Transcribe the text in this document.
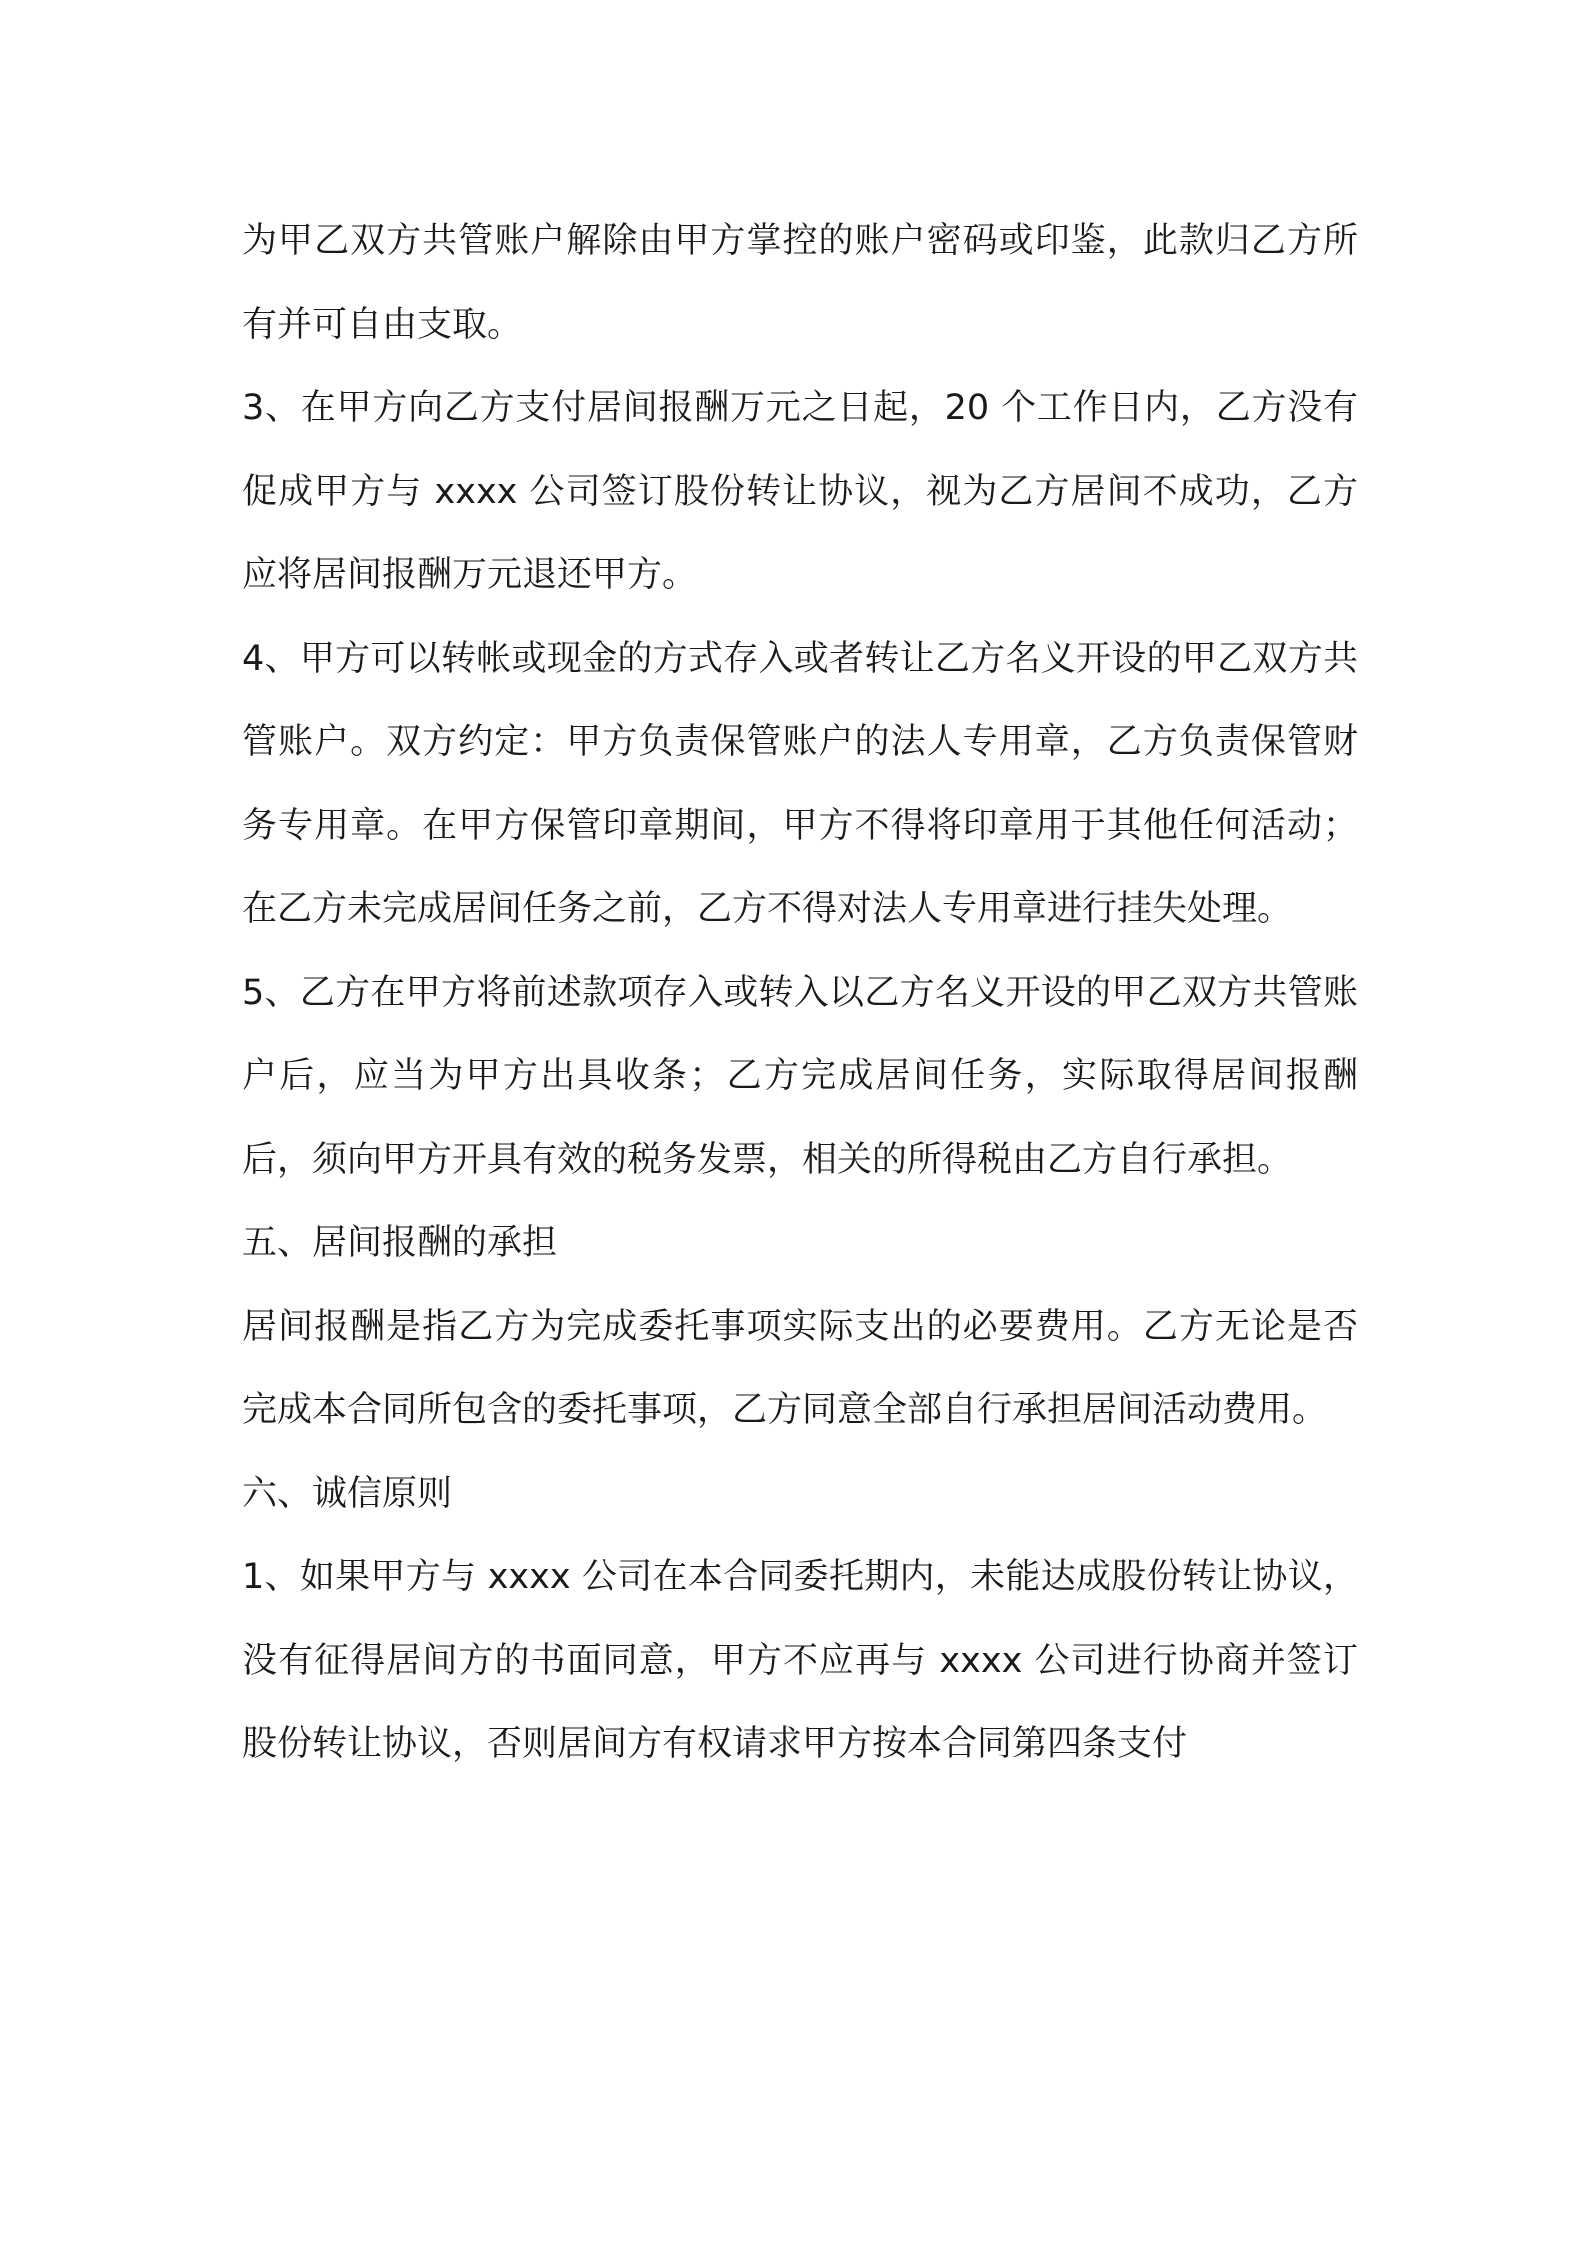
为甲乙双方共管账户解除由甲方掌控的账户密码或印鉴，此款归乙方所有并可自由支取。

3、在甲方向乙方支付居间报酬万元之日起，20 个工作日内，乙方没有促成甲方与 xxxx 公司签订股份转让协议，视为乙方居间不成功，乙方应将居间报酬万元退还甲方。

4、甲方可以转帐或现金的方式存入或者转让乙方名义开设的甲乙双方共管账户。双方约定：甲方负责保管账户的法人专用章，乙方负责保管财务专用章。在甲方保管印章期间，甲方不得将印章用于其他任何活动；在乙方未完成居间任务之前，乙方不得对法人专用章进行挂失处理。

5、乙方在甲方将前述款项存入或转入以乙方名义开设的甲乙双方共管账户后，应当为甲方出具收条；乙方完成居间任务，实际取得居间报酬后，须向甲方开具有效的税务发票，相关的所得税由乙方自行承担。

五、居间报酬的承担

居间报酬是指乙方为完成委托事项实际支出的必要费用。乙方无论是否完成本合同所包含的委托事项，乙方同意全部自行承担居间活动费用。

六、诚信原则

1、如果甲方与 xxxx 公司在本合同委托期内，未能达成股份转让协议，没有征得居间方的书面同意，甲方不应再与 xxxx 公司进行协商并签订股份转让协议，否则居间方有权请求甲方按本合同第四条支付
